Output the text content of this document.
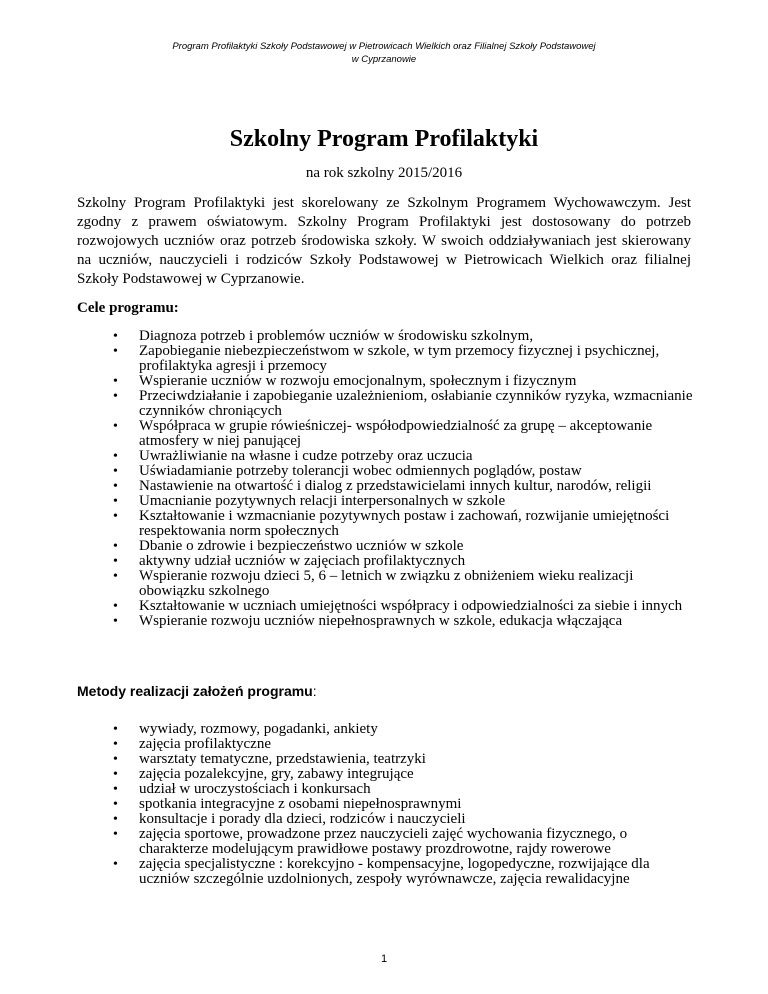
Program Profilaktyki Szkoły Podstawowej w Pietrowicach Wielkich oraz Filialnej Szkoły Podstawowej
w Cyprzanowie
Szkolny Program Profilaktyki
na rok szkolny 2015/2016

Szkolny Program Profilaktyki jest skorelowany ze Szkolnym Programem Wychowawczym. Jest zgodny z prawem oświatowym. Szkolny Program Profilaktyki jest dostosowany do potrzeb rozwojowych uczniów oraz potrzeb środowiska szkoły. W swoich oddziaływaniach jest skierowany na uczniów, nauczycieli i rodziców Szkoły Podstawowej w Pietrowicach Wielkich oraz filialnej Szkoły Podstawowej w Cyprzanowie.

Cele programu:
• Diagnoza potrzeb i problemów uczniów w środowisku szkolnym,
• Zapobieganie niebezpieczeństwom w szkole, w tym przemocy fizycznej i psychicznej, profilaktyka agresji i przemocy
• Wspieranie uczniów w rozwoju emocjonalnym, społecznym i fizycznym
• Przeciwdziałanie i zapobieganie uzależnieniom, osłabianie czynników ryzyka, wzmacnianie czynników chroniących
• Współpraca w grupie rówieśniczej- współodpowiedzialność za grupę – akceptowanie atmosfery w niej panującej
• Uwrażliwianie na własne i cudze potrzeby oraz uczucia
• Uświadamianie potrzeby tolerancji wobec odmiennych poglądów, postaw
• Nastawienie na otwartość i dialog z przedstawicielami innych kultur, narodów, religii
• Umacnianie pozytywnych relacji interpersonalnych w szkole
• Kształtowanie i wzmacnianie pozytywnych postaw i zachowań, rozwijanie umiejętności respektowania norm społecznych
• Dbanie o zdrowie i bezpieczeństwo uczniów w szkole
• aktywny udział uczniów w zajęciach profilaktycznych
• Wspieranie rozwoju dzieci 5, 6 – letnich w związku z obniżeniem wieku realizacji obowiązku szkolnego
• Kształtowanie w uczniach umiejętności współpracy i odpowiedzialności za siebie i innych
• Wspieranie rozwoju uczniów niepełnosprawnych w szkole, edukacja włączająca
Metody realizacji założeń programu:
• wywiady, rozmowy, pogadanki, ankiety
• zajęcia profilaktyczne
• warsztaty tematyczne, przedstawienia, teatrzyki
• zajęcia pozalekcyjne, gry, zabawy integrujące
• udział w uroczystościach i konkursach
• spotkania integracyjne z osobami niepełnosprawnymi
• konsultacje i porady dla dzieci, rodziców i nauczycieli
• zajęcia sportowe, prowadzone przez nauczycieli zajęć wychowania fizycznego, o charakterze modelującym prawidłowe postawy prozdrowotne, rajdy rowerowe
• zajęcia specjalistyczne : korekcyjno - kompensacyjne, logopedyczne, rozwijające dla uczniów szczególnie uzdolnionych, zespoły wyrównawcze, zajęcia rewalidacyjne
1
